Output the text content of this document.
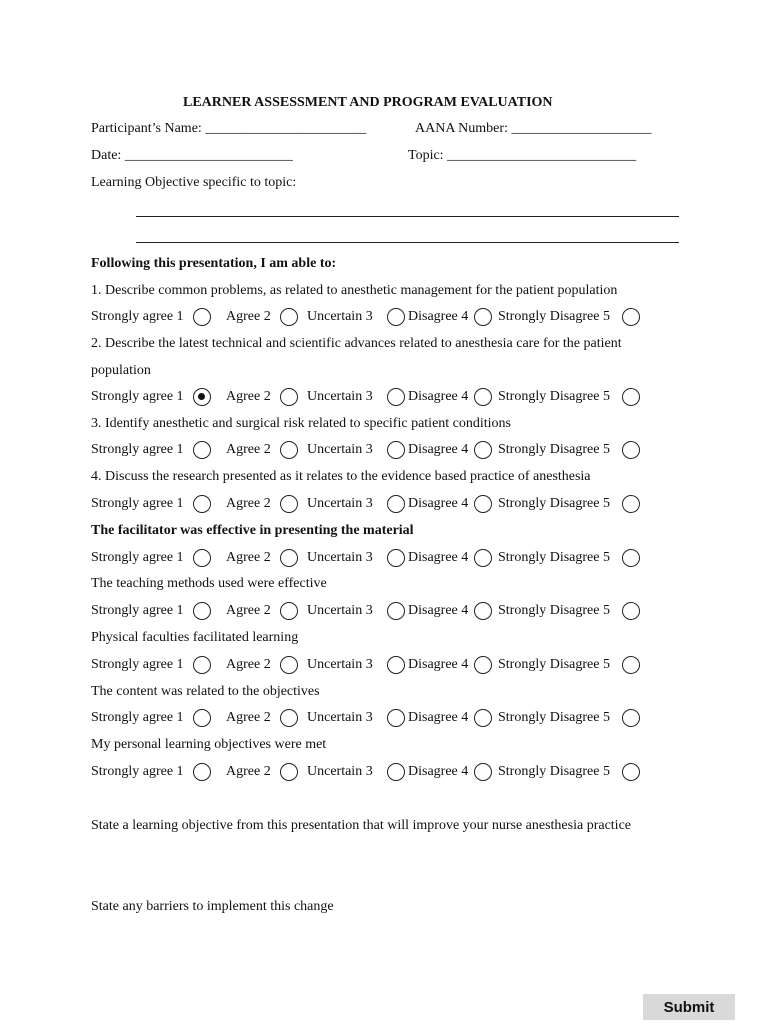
LEARNER ASSESSMENT AND PROGRAM EVALUATION
Participant’s Name: _______________________	AANA Number: ____________________
Date: ________________________	Topic: ___________________________
Learning Objective specific to topic:
Following this presentation, I am able to:
1. Describe common problems, as related to anesthetic management for the patient population
Strongly agree 1	Agree 2	Uncertain 3	Disagree 4 Strongly Disagree 5
2. Describe the latest technical and scientific advances related to anesthesia care for the patient
population
Strongly agree 1	Agree 2	Uncertain 3	Disagree 4 Strongly Disagree 5
3. Identify anesthetic and surgical risk related to specific patient conditions
Strongly agree 1	Agree 2	Uncertain 3	Disagree 4 Strongly Disagree 5
4. Discuss the research presented as it relates to the evidence based practice of anesthesia
Strongly agree 1	Agree 2	Uncertain 3	Disagree 4 Strongly Disagree 5
The facilitator was effective in presenting the material
Strongly agree 1	Agree 2	Uncertain 3	Disagree 4 Strongly Disagree 5
The teaching methods used were effective
Strongly agree 1	Agree 2	Uncertain 3	Disagree 4 Strongly Disagree 5
Physical faculties facilitated learning
Strongly agree 1	Agree 2	Uncertain 3	Disagree 4 Strongly Disagree 5
The content was related to the objectives
Strongly agree 1	Agree 2	Uncertain 3	Disagree 4 Strongly Disagree 5
My personal learning objectives were met
Strongly agree 1	Agree 2	Uncertain 3	Disagree 4 Strongly Disagree 5
State a learning objective from this presentation that will improve your nurse anesthesia practice
State any barriers to implement this change
Submit
